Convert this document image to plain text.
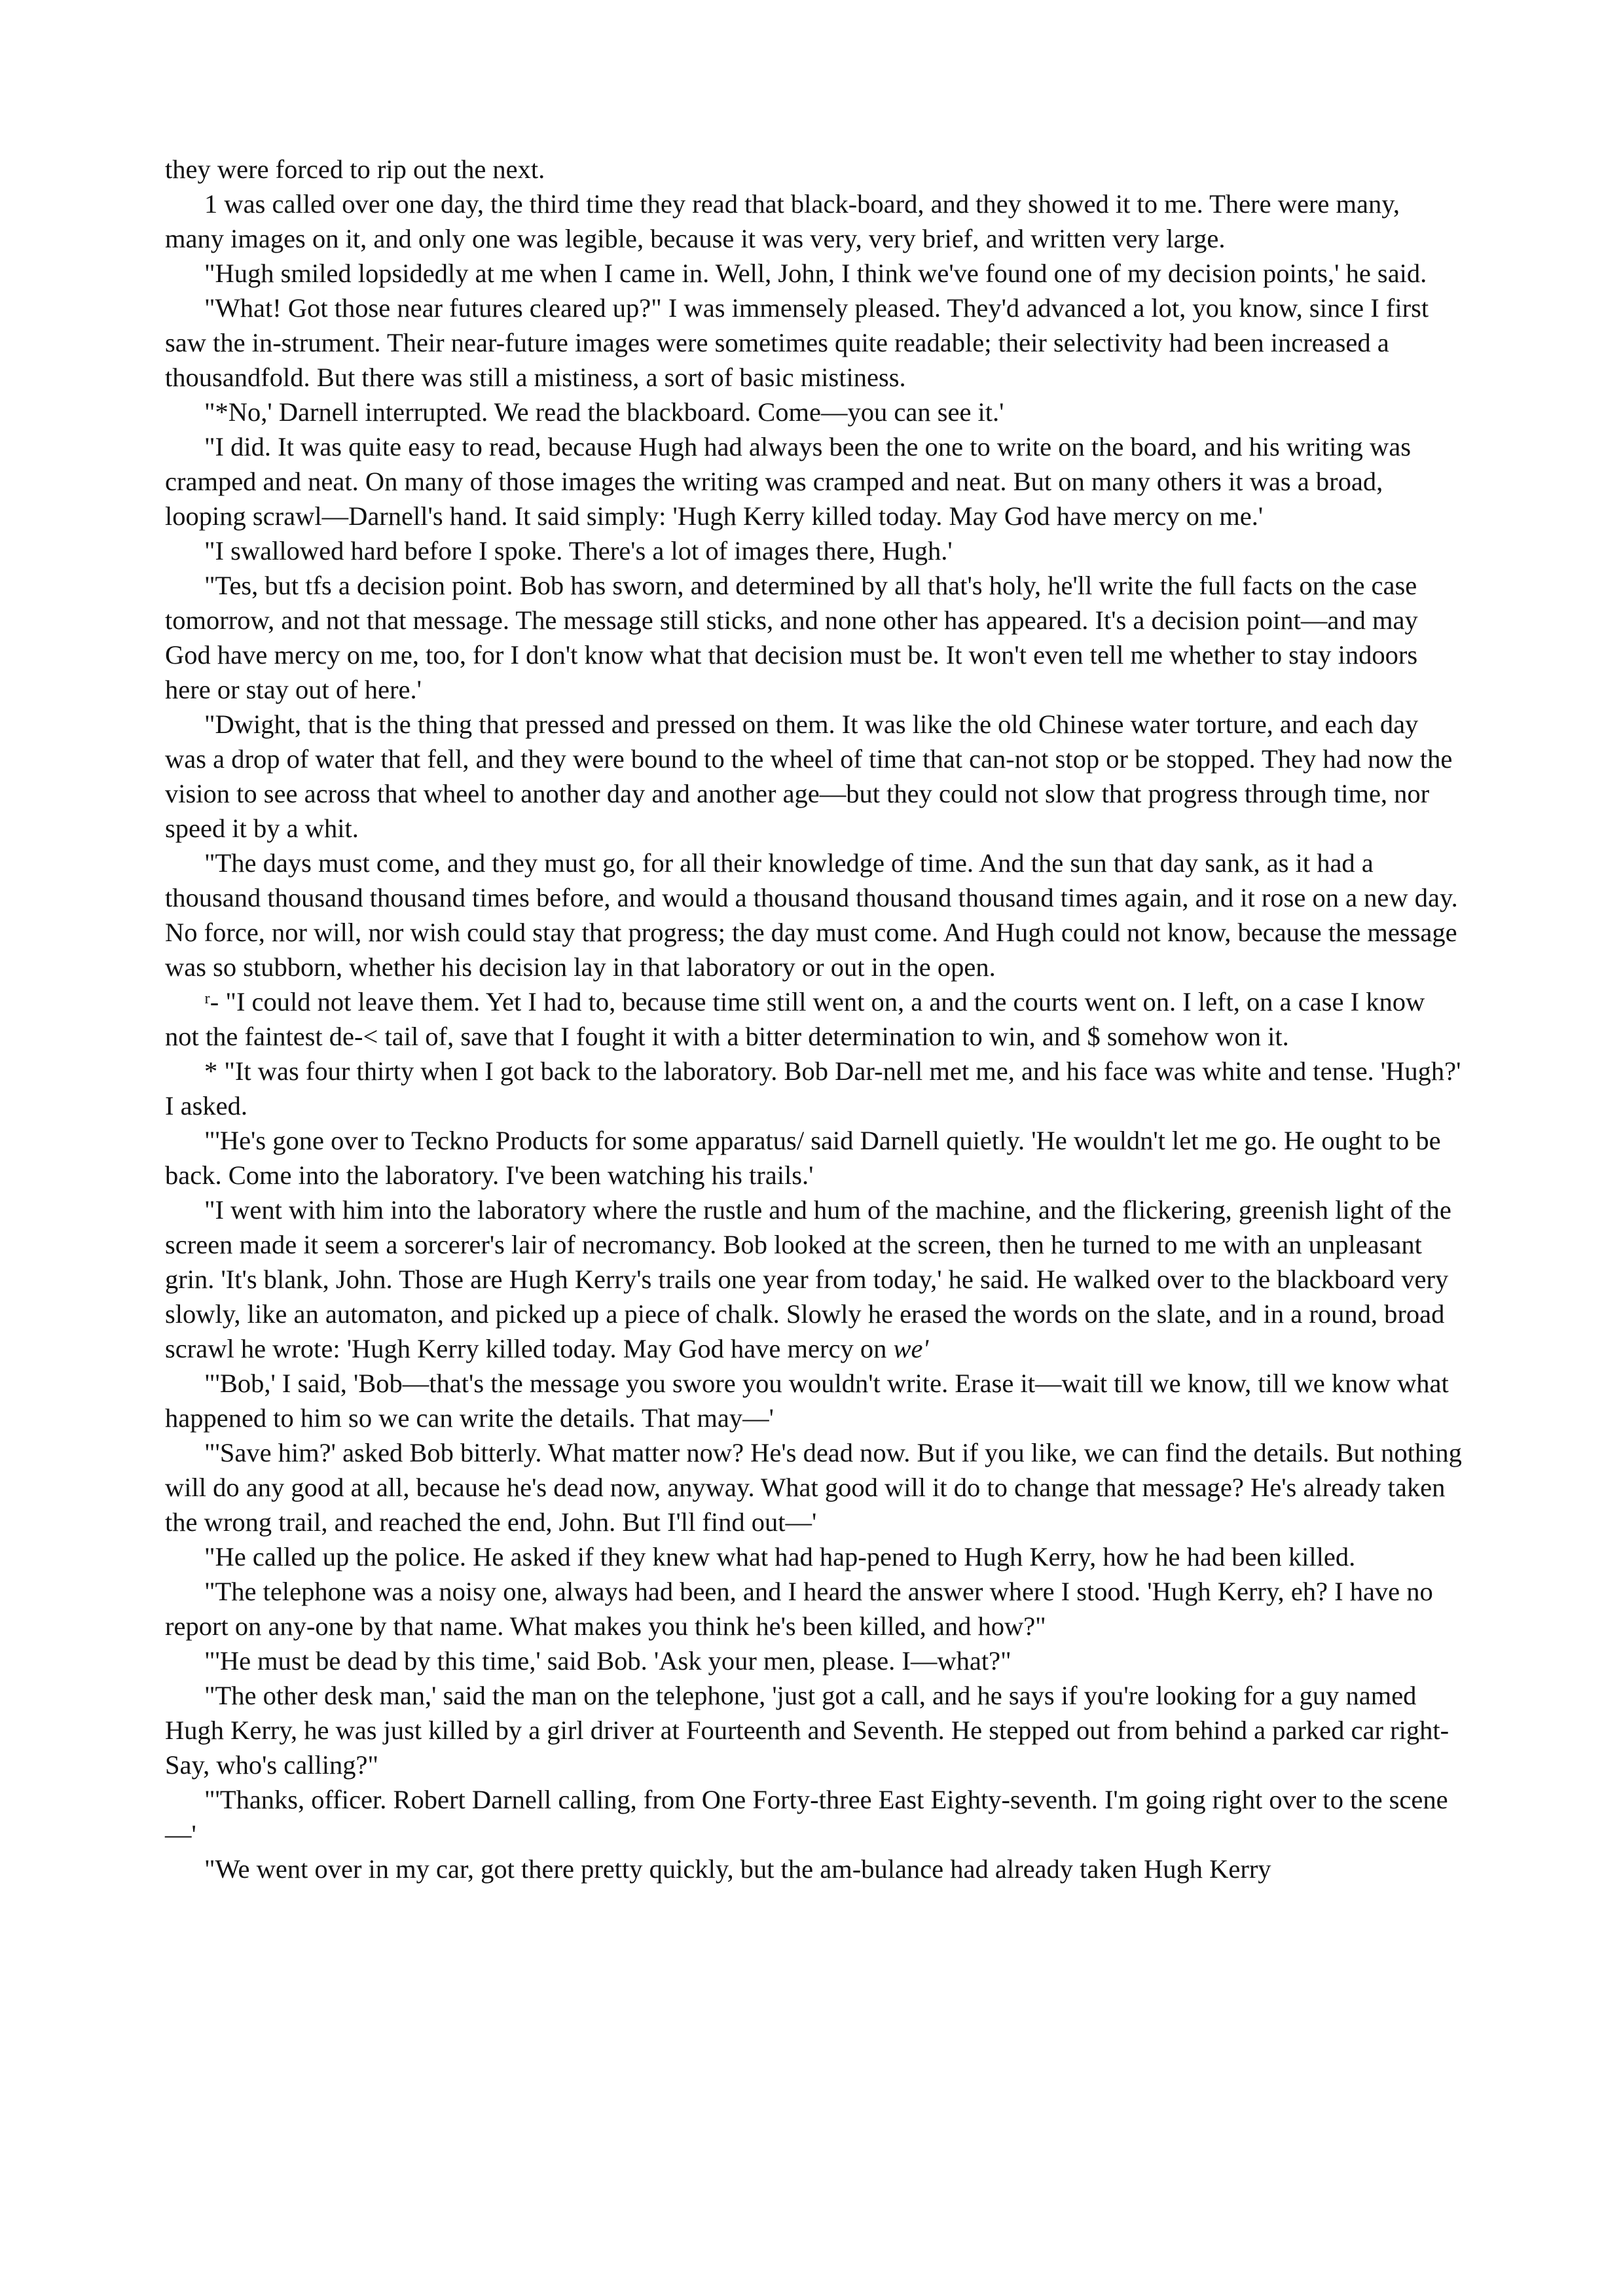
they were forced to rip out the next.

1 was called over one day, the third time they read that black-board, and they showed it to me. There were many, many images on it, and only one was legible, because it was very, very brief, and written very large.

"Hugh smiled lopsidedly at me when I came in. Well, John, I think we've found one of my decision points,' he said.

"What! Got those near futures cleared up?" I was immensely pleased. They'd advanced a lot, you know, since I first saw the in-strument. Their near-future images were sometimes quite readable; their selectivity had been increased a thousandfold. But there was still a mistiness, a sort of basic mistiness.

"*No,' Darnell interrupted. We read the blackboard. Come—you can see it.'

"I did. It was quite easy to read, because Hugh had always been the one to write on the board, and his writing was cramped and neat. On many of those images the writing was cramped and neat. But on many others it was a broad, looping scrawl—Darnell's hand. It said simply: 'Hugh Kerry killed today. May God have mercy on me.'

"I swallowed hard before I spoke. There's a lot of images there, Hugh.'

"Tes, but tfs a decision point. Bob has sworn, and determined by all that's holy, he'll write the full facts on the case tomorrow, and not that message. The message still sticks, and none other has appeared. It's a decision point—and may God have mercy on me, too, for I don't know what that decision must be. It won't even tell me whether to stay indoors here or stay out of here.'

"Dwight, that is the thing that pressed and pressed on them. It was like the old Chinese water torture, and each day was a drop of water that fell, and they were bound to the wheel of time that can-not stop or be stopped. They had now the vision to see across that wheel to another day and another age—but they could not slow that progress through time, nor speed it by a whit.

"The days must come, and they must go, for all their knowledge of time. And the sun that day sank, as it had a thousand thousand thousand times before, and would a thousand thousand thousand times again, and it rose on a new day. No force, nor will, nor wish could stay that progress; the day must come. And Hugh could not know, because the message was so stubborn, whether his decision lay in that laboratory or out in the open.

ʳ- "I could not leave them. Yet I had to, because time still went on, a and the courts went on. I left, on a case I know not the faintest de-< tail of, save that I fought it with a bitter determination to win, and $ somehow won it.

* "It was four thirty when I got back to the laboratory. Bob Dar-nell met me, and his face was white and tense. 'Hugh?' I asked.

"'He's gone over to Teckno Products for some apparatus/ said Darnell quietly. 'He wouldn't let me go. He ought to be back. Come into the laboratory. I've been watching his trails.'

"I went with him into the laboratory where the rustle and hum of the machine, and the flickering, greenish light of the screen made it seem a sorcerer's lair of necromancy. Bob looked at the screen, then he turned to me with an unpleasant grin. 'It's blank, John. Those are Hugh Kerry's trails one year from today,' he said. He walked over to the blackboard very slowly, like an automaton, and picked up a piece of chalk. Slowly he erased the words on the slate, and in a round, broad scrawl he wrote: 'Hugh Kerry killed today. May God have mercy on we'

"'Bob,' I said, 'Bob—that's the message you swore you wouldn't write. Erase it—wait till we know, till we know what happened to him so we can write the details. That may—'

"'Save him?' asked Bob bitterly. What matter now? He's dead now. But if you like, we can find the details. But nothing will do any good at all, because he's dead now, anyway. What good will it do to change that message? He's already taken the wrong trail, and reached the end, John. But I'll find out—'

"He called up the police. He asked if they knew what had hap-pened to Hugh Kerry, how he had been killed.

"The telephone was a noisy one, always had been, and I heard the answer where I stood. 'Hugh Kerry, eh? I have no report on any-one by that name. What makes you think he's been killed, and how?"

"'He must be dead by this time,' said Bob. 'Ask your men, please. I—what?"

"The other desk man,' said the man on the telephone, 'just got a call, and he says if you're looking for a guy named Hugh Kerry, he was just killed by a girl driver at Fourteenth and Seventh. He stepped out from behind a parked car right- Say, who's calling?"

"'Thanks, officer. Robert Darnell calling, from One Forty-three East Eighty-seventh. I'm going right over to the scene—'

"We went over in my car, got there pretty quickly, but the am-bulance had already taken Hugh Kerry
